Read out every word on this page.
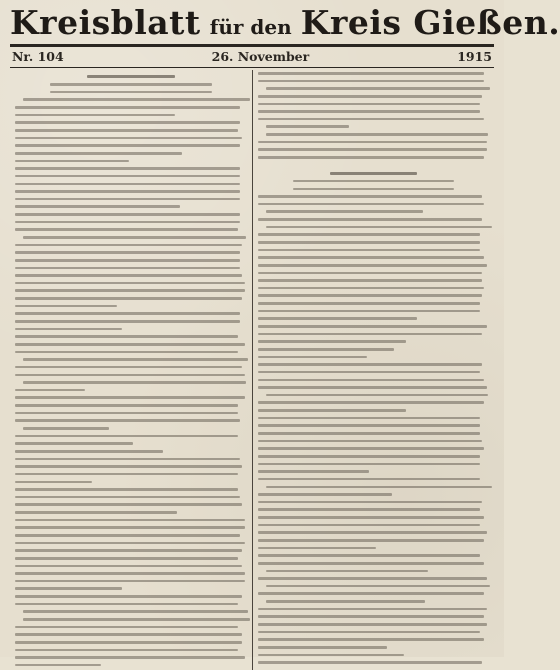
Kreisblatt für den Kreis Gießen.
Nr. 104	26. November	1915
